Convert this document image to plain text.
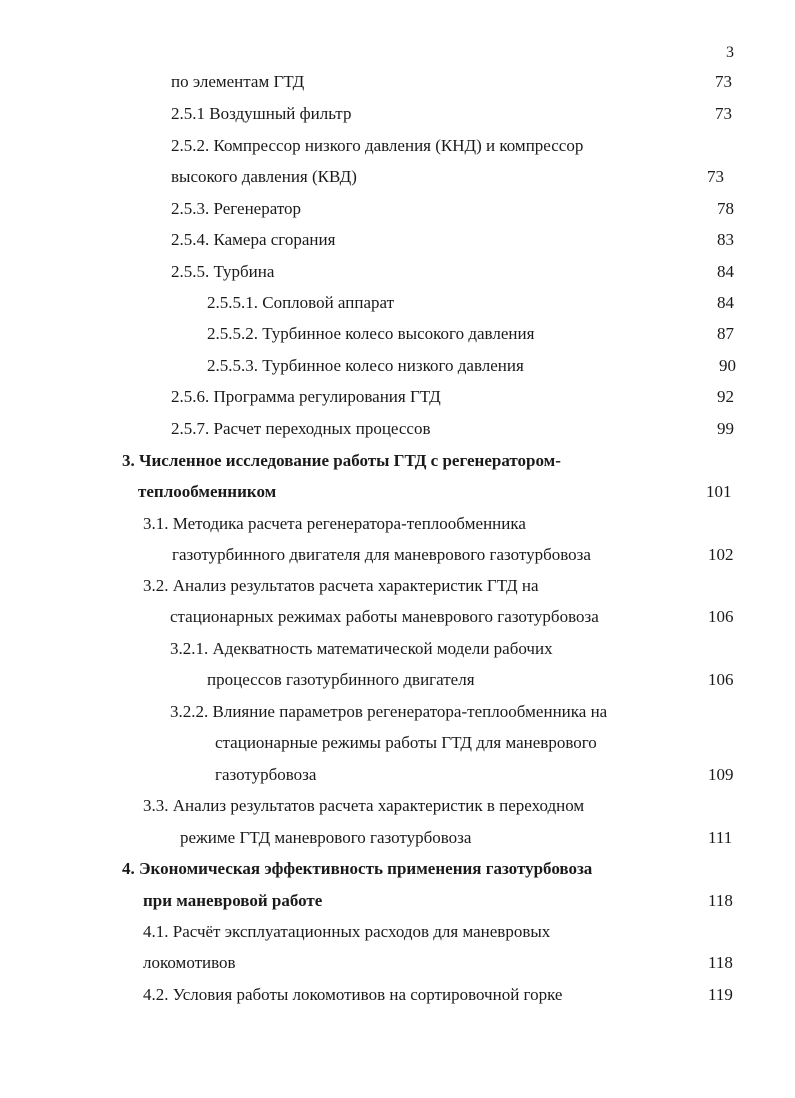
3
по элементам ГТД	73
2.5.1 Воздушный фильтр	73
2.5.2. Компрессор низкого давления (КНД) и компрессор
высокого давления (КВД)	73
2.5.3. Регенератор	78
2.5.4. Камера сгорания	83
2.5.5. Турбина	84
2.5.5.1. Сопловой аппарат	84
2.5.5.2. Турбинное колесо высокого давления	87
2.5.5.3. Турбинное колесо низкого давления	90
2.5.6. Программа регулирования ГТД	92
2.5.7. Расчет переходных процессов	99
3. Численное исследование работы ГТД с регенератором-
теплообменником	101
3.1. Методика расчета регенератора-теплообменника
газотурбинного двигателя для маневрового газотурбовоза	102
3.2. Анализ результатов расчета характеристик ГТД на
стационарных режимах работы маневрового газотурбовоза	106
3.2.1. Адекватность математической модели рабочих
процессов газотурбинного двигателя	106
3.2.2. Влияние параметров регенератора-теплообменника на
стационарные режимы работы ГТД для маневрового
газотурбовоза	109
3.3. Анализ результатов расчета характеристик в переходном
режиме ГТД маневрового газотурбовоза	111
4. Экономическая эффективность применения газотурбовоза
при маневровой работе	118
4.1. Расчёт эксплуатационных расходов для маневровых
локомотивов	118
4.2. Условия работы локомотивов на сортировочной горке	119
